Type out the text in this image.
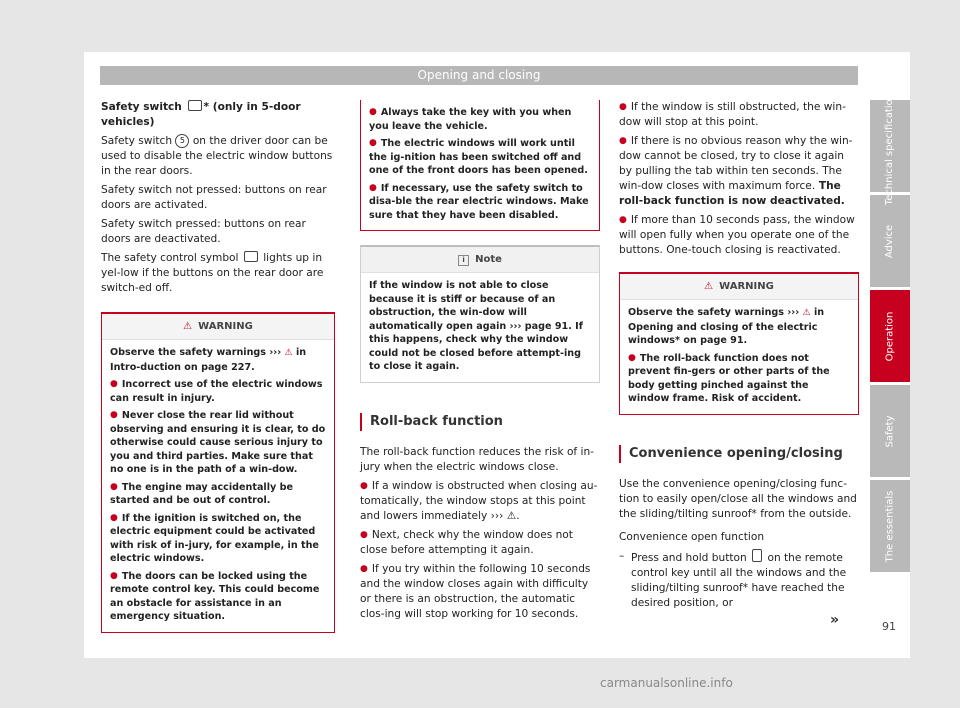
Opening and closing

Safety switch * (only in 5-door vehicles)

Safety switch 5 on the driver door can be used to disable the electric window buttons in the rear doors.

Safety switch not pressed: buttons on rear doors are activated.

Safety switch pressed: buttons on rear doors are deactivated.

The safety control symbol  lights up in yel-low if the buttons on the rear door are switch-ed off.

⚠ WARNING

Observe the safety warnings ››› ⚠ in Intro-duction on page 227.

● Incorrect use of the electric windows can result in injury.

● Never close the rear lid without observing and ensuring it is clear, to do otherwise could cause serious injury to you and third parties. Make sure that no one is in the path of a win-dow.

● The engine may accidentally be started and be out of control.

● If the ignition is switched on, the electric equipment could be activated with risk of in-jury, for example, in the electric windows.

● The doors can be locked using the remote control key. This could become an obstacle for assistance in an emergency situation.

● Always take the key with you when you leave the vehicle.

● The electric windows will work until the ig-nition has been switched off and one of the front doors has been opened.

● If necessary, use the safety switch to disa-ble the rear electric windows. Make sure that they have been disabled.

i Note

If the window is not able to close because it is stiff or because of an obstruction, the win-dow will automatically open again ››› page 91. If this happens, check why the window could not be closed before attempt-ing to close it again.

Roll-back function

The roll-back function reduces the risk of in-jury when the electric windows close.

● If a window is obstructed when closing au-tomatically, the window stops at this point and lowers immediately ››› ⚠.

● Next, check why the window does not close before attempting it again.

● If you try within the following 10 seconds and the window closes again with difficulty or there is an obstruction, the automatic clos-ing will stop working for 10 seconds.

● If the window is still obstructed, the win-dow will stop at this point.

● If there is no obvious reason why the win-dow cannot be closed, try to close it again by pulling the tab within ten seconds. The win-dow closes with maximum force. The roll-back function is now deactivated.

● If more than 10 seconds pass, the window will open fully when you operate one of the buttons. One-touch closing is reactivated.

⚠ WARNING

Observe the safety warnings ››› ⚠ in Opening and closing of the electric windows* on page 91.

● The roll-back function does not prevent fin-gers or other parts of the body getting pinched against the window frame. Risk of accident.

Convenience opening/closing

Use the convenience opening/closing func-tion to easily open/close all the windows and the sliding/tilting sunroof* from the outside.

Convenience open function

– Press and hold button  on the remote control key until all the windows and the sliding/tilting sunroof* have reached the desired position, or

»
Technical specifications
Advice
Operation
Safety
The essentials
91
carmanualsonline.info
